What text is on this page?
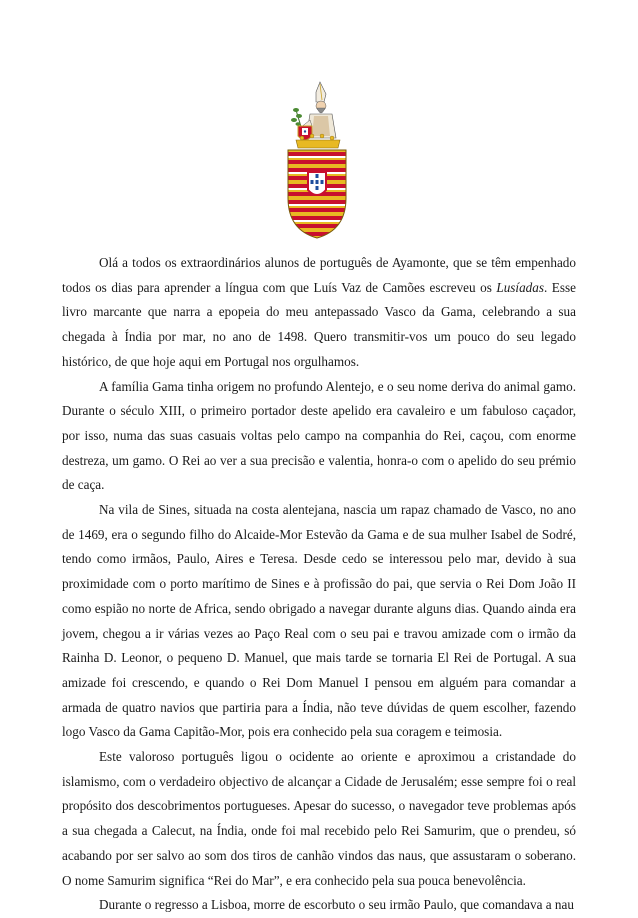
Olá a todos os extraordinários alunos de português de Ayamonte, que se têm empenhado todos os dias para aprender a língua com que Luís Vaz de Camões escreveu os Lusíadas. Esse livro marcante que narra a epopeia do meu antepassado Vasco da Gama, celebrando a sua chegada à Índia por mar, no ano de 1498. Quero transmitir-vos um pouco do seu legado histórico, de que hoje aqui em Portugal nos orgulhamos.

A família Gama tinha origem no profundo Alentejo, e o seu nome deriva do animal gamo. Durante o século XIII, o primeiro portador deste apelido era cavaleiro e um fabuloso caçador, por isso, numa das suas casuais voltas pelo campo na companhia do Rei, caçou, com enorme destreza, um gamo. O Rei ao ver a sua precisão e valentia, honra-o com o apelido do seu prémio de caça.

Na vila de Sines, situada na costa alentejana, nascia um rapaz chamado de Vasco, no ano de 1469, era o segundo filho do Alcaide-Mor Estevão da Gama e de sua mulher Isabel de Sodré, tendo como irmãos, Paulo, Aires e Teresa. Desde cedo se interessou pelo mar, devido à sua proximidade com o porto marítimo de Sines e à profissão do pai, que servia o Rei Dom João II como espião no norte de Africa, sendo obrigado a navegar durante alguns dias. Quando ainda era jovem, chegou a ir várias vezes ao Paço Real com o seu pai e travou amizade com o irmão da Rainha D. Leonor, o pequeno D. Manuel, que mais tarde se tornaria El Rei de Portugal. A sua amizade foi crescendo, e quando o Rei Dom Manuel I pensou em alguém para comandar a armada de quatro navios que partiria para a Índia, não teve dúvidas de quem escolher, fazendo logo Vasco da Gama Capitão-Mor, pois era conhecido pela sua coragem e teimosia.

Este valoroso português ligou o ocidente ao oriente e aproximou a cristandade do islamismo, com o verdadeiro objectivo de alcançar a Cidade de Jerusalém; esse sempre foi o real propósito dos descobrimentos portugueses. Apesar do sucesso, o navegador teve problemas após a sua chegada a Calecut, na Índia, onde foi mal recebido pelo Rei Samurim, que o prendeu, só acabando por ser salvo ao som dos tiros de canhão vindos das naus, que assustaram o soberano. O nome Samurim significa “Rei do Mar”, e era conhecido pela sua pouca benevolência.

Durante o regresso a Lisboa, morre de escorbuto o seu irmão Paulo, que comandava a nau
